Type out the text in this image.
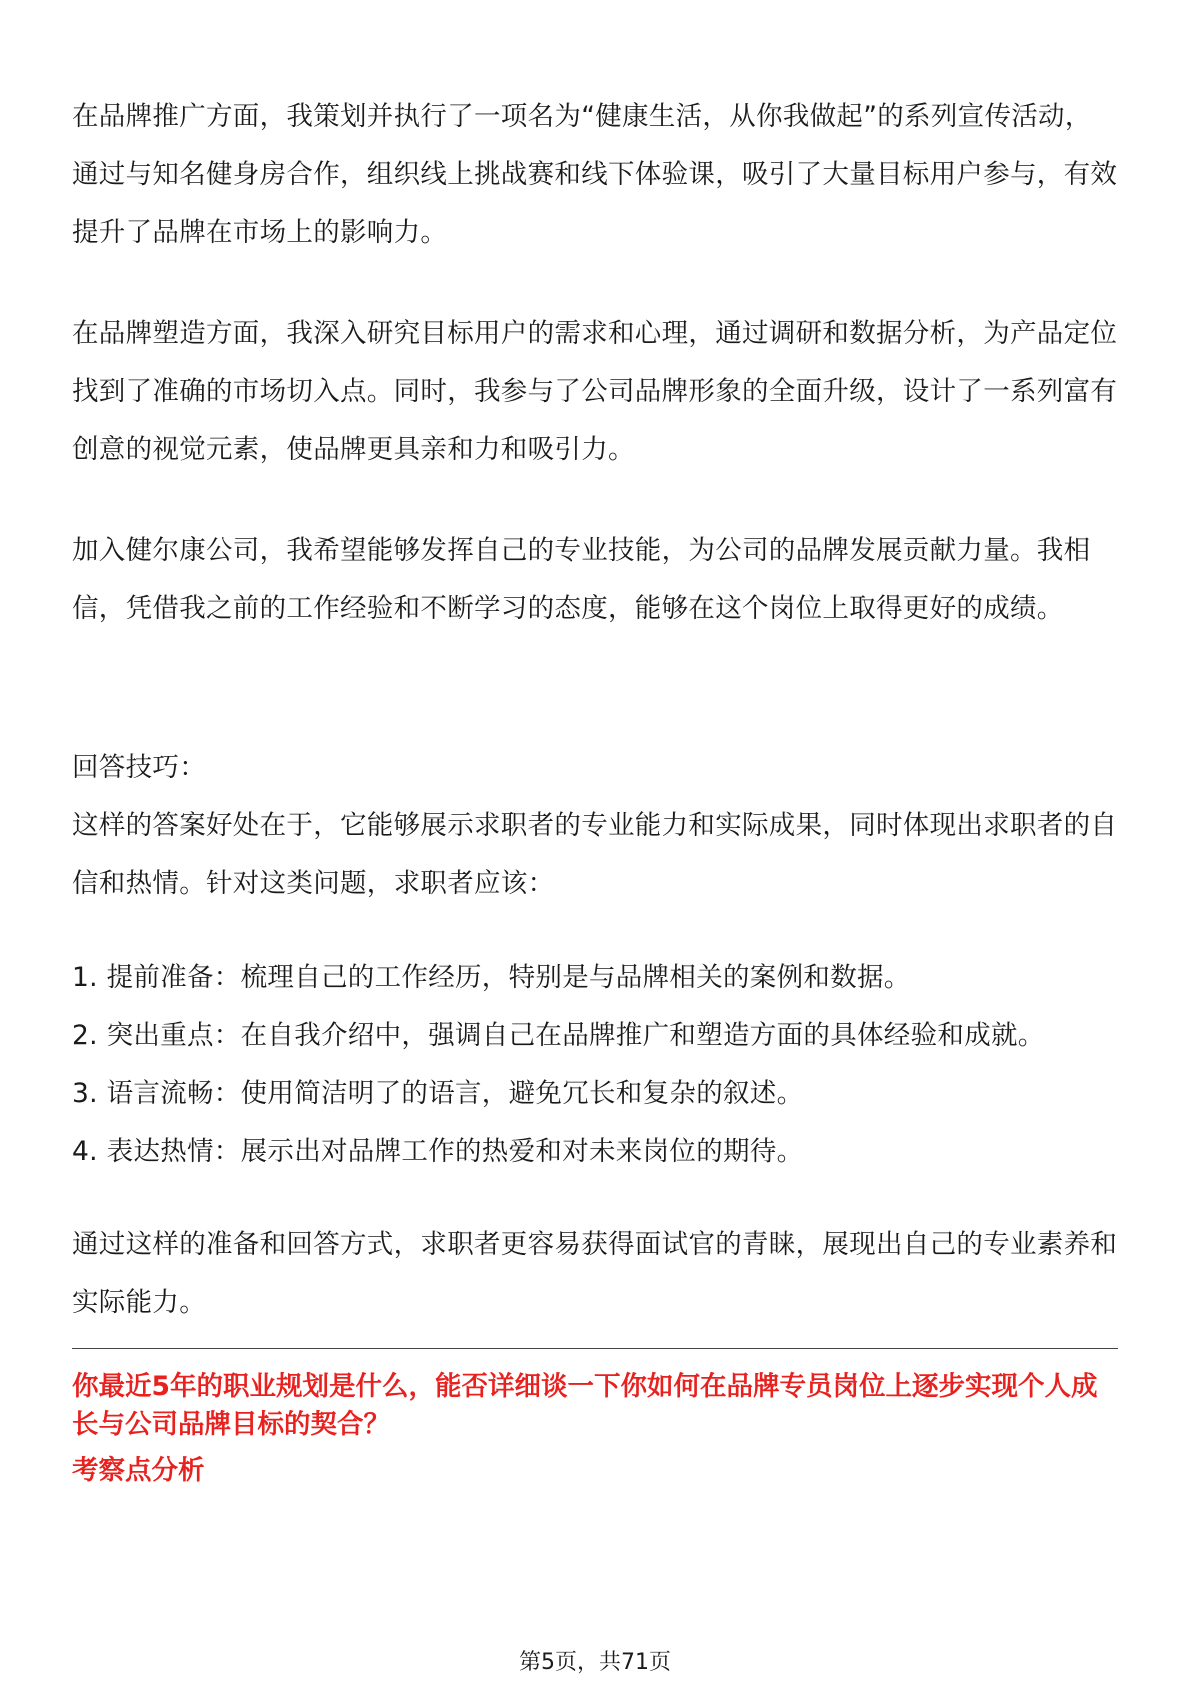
在品牌推广方面，我策划并执行了一项名为“健康生活，从你我做起”的系列宣传活动，通过与知名健身房合作，组织线上挑战赛和线下体验课，吸引了大量目标用户参与，有效提升了品牌在市场上的影响力。

在品牌塑造方面，我深入研究目标用户的需求和心理，通过调研和数据分析，为产品定位找到了准确的市场切入点。同时，我参与了公司品牌形象的全面升级，设计了一系列富有创意的视觉元素，使品牌更具亲和力和吸引力。

加入健尔康公司，我希望能够发挥自己的专业技能，为公司的品牌发展贡献力量。我相信，凭借我之前的工作经验和不断学习的态度，能够在这个岗位上取得更好的成绩。

回答技巧：

这样的答案好处在于，它能够展示求职者的专业能力和实际成果，同时体现出求职者的自信和热情。针对这类问题，求职者应该：

1. 提前准备：梳理自己的工作经历，特别是与品牌相关的案例和数据。

2. 突出重点：在自我介绍中，强调自己在品牌推广和塑造方面的具体经验和成就。

3. 语言流畅：使用简洁明了的语言，避免冗长和复杂的叙述。

4. 表达热情：展示出对品牌工作的热爱和对未来岗位的期待。

通过这样的准备和回答方式，求职者更容易获得面试官的青睐，展现出自己的专业素养和实际能力。

你最近5年的职业规划是什么，能否详细谈一下你如何在品牌专员岗位上逐步实现个人成长与公司品牌目标的契合？
考察点分析
第5页，共71页
